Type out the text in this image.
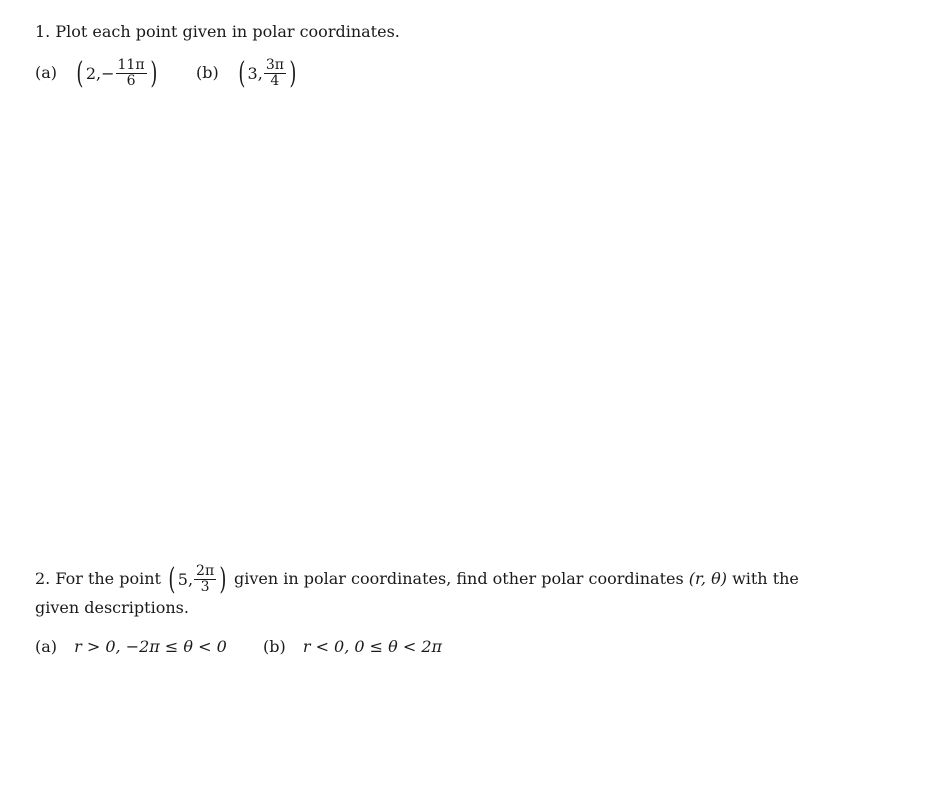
1. Plot each point given in polar coordinates.
(a) ( $2,- \frac{11\pi}{6}$ ) (b) ( 3, $\frac{3\pi}{4}$ )
2. For the point ( 5, $\frac{2\pi}{3}$ ) given in polar coordinates, find other polar coordinates (r, θ) with the
given descriptions.
(a) r > 0, −2π ≤ θ < 0 (b) r < 0, 0 ≤ θ < 2π
